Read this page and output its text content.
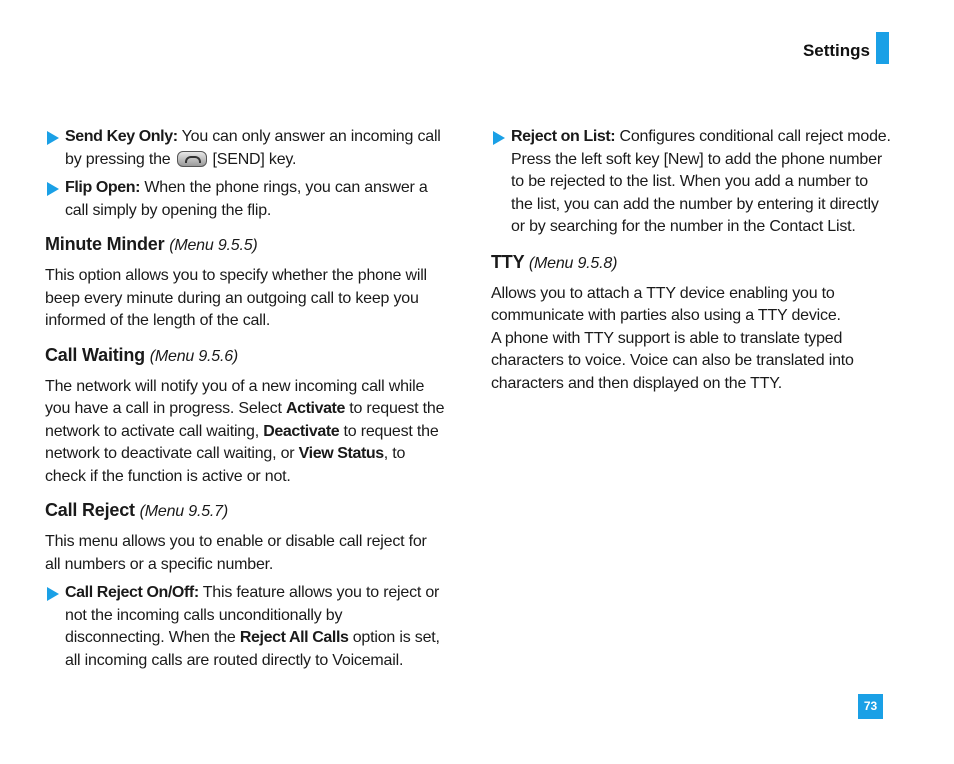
Settings
Send Key Only: You can only answer an incoming call by pressing the	[SEND] key.
Flip Open: When the phone rings, you can answer a call simply by opening the flip.
Minute Minder (Menu 9.5.5)
This option allows you to specify whether the phone will beep every minute during an outgoing call to keep you informed of the length of the call.
Call Waiting (Menu 9.5.6)
The network will notify you of a new incoming call while you have a call in progress. Select Activate to request the network to activate call waiting, Deactivate to request the network to deactivate call waiting, or View Status, to check if the function is active or not.
Call Reject (Menu 9.5.7)
This menu allows you to enable or disable call reject for all numbers or a specific number.
Call Reject On/Off: This feature allows you to reject or not the incoming calls unconditionally by disconnecting. When the Reject All Calls option is set, all incoming calls are routed directly to Voicemail.
Reject on List: Configures conditional call reject mode. Press the left soft key [New] to add the phone number to be rejected to the list. When you add a number to the list, you can add the number by entering it directly or by searching for the number in the Contact List.
TTY (Menu 9.5.8)
Allows you to attach a TTY device enabling you to communicate with parties also using a TTY device.
A phone with TTY support is able to translate typed characters to voice. Voice can also be translated into characters and then displayed on the TTY.
73
